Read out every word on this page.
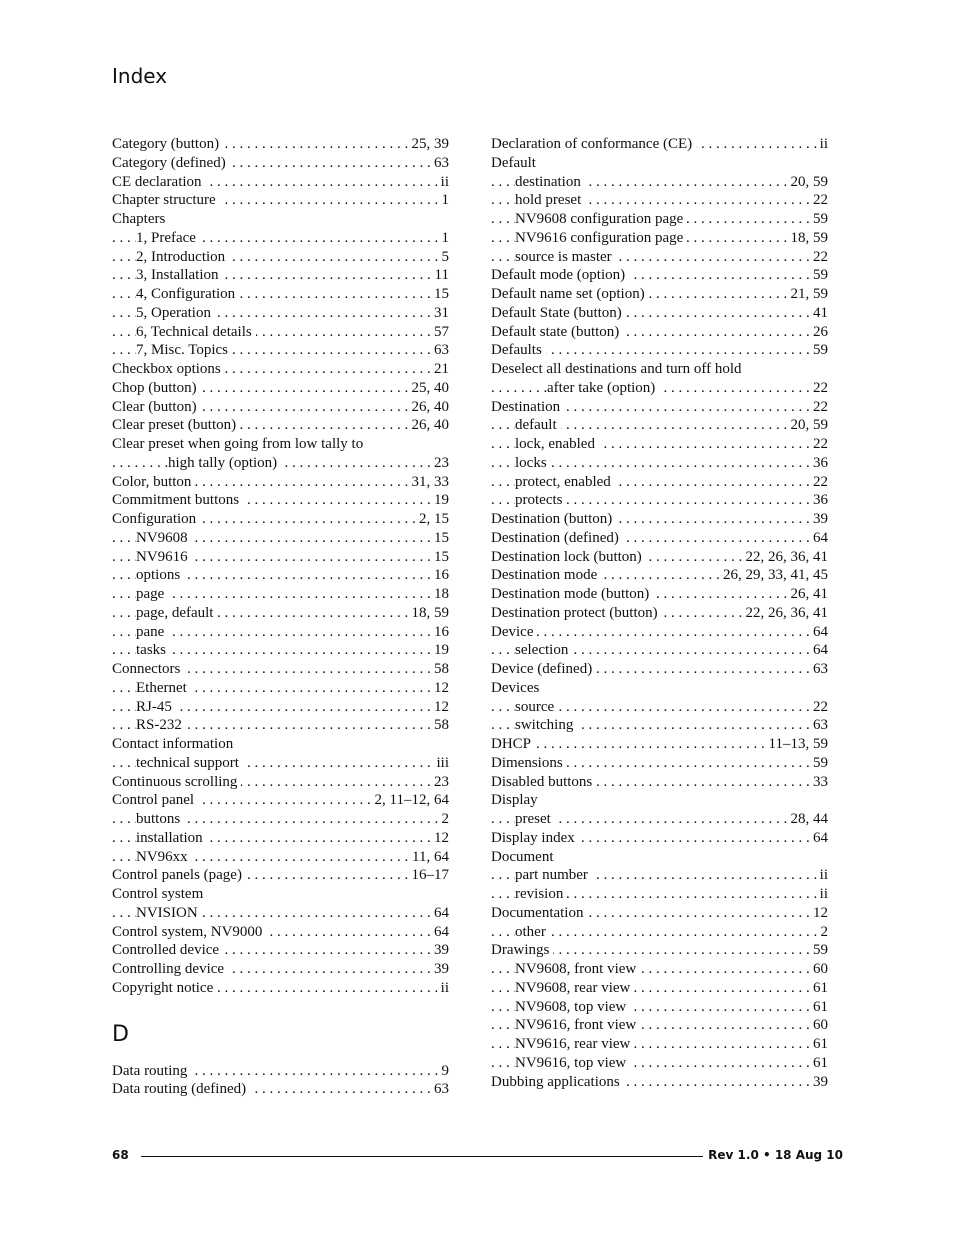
Index
. . . Category (button)	25, 39
. . . Category (defined)	63
. . . CE declaration	ii
. . . Chapter structure	1
Chapters
. . . 1, Preface	1
. . . 2, Introduction	5
. . . 3, Installation	11
. . . 4, Configuration	15
. . . 5, Operation	31
. . . 6, Technical details	57
. . . 7, Misc. Topics	63
. . . Checkbox options	21
. . . Chop (button)	25, 40
. . . Clear (button)	26, 40
. . . Clear preset (button)	26, 40
Clear preset when going from low tally to
. . . high tally (option)	23
. . . Color, button	31, 33
. . . Commitment buttons	19
. . . Configuration	2, 15
. . . NV9608	15
. . . NV9616	15
. . . options	16
. . . page	18
. . . page, default	18, 59
. . . pane	16
. . . tasks	19
. . . Connectors	58
. . . Ethernet	12
. . . RJ-45	12
. . . RS-232	58
Contact information
. . . technical support	iii
. . . Continuous scrolling	23
. . . Control panel	2, 11–12, 64
. . . buttons	2
. . . installation	12
. . . NV96xx	11, 64
. . . Control panels (page)	16–17
Control system
. . . NVISION	64
. . . Control system, NV9000	64
. . . Controlled device	39
. . . Controlling device	39
. . . Copyright notice	ii
D
. . . Data routing	9
. . . Data routing (defined)	63
. . . Declaration of conformance (CE)	ii
Default
. . . destination	20, 59
. . . hold preset	22
. . . NV9608 configuration page	59
. . . NV9616 configuration page	18, 59
. . . source is master	22
. . . Default mode (option)	59
. . . Default name set (option)	21, 59
. . . Default State (button)	41
. . . Default state (button)	26
. . . Defaults	59
Deselect all destinations and turn off hold
. . . after take (option)	22
. . . Destination	22
. . . default	20, 59
. . . lock, enabled	22
. . . locks	36
. . . protect, enabled	22
. . . protects	36
. . . Destination (button)	39
. . . Destination (defined)	64
. . . Destination lock (button)	22, 26, 36, 41
. . . Destination mode	26, 29, 33, 41, 45
. . . Destination mode (button)	26, 41
. . . Destination protect (button)	22, 26, 36, 41
. . . Device	64
. . . selection	64
. . . Device (defined)	63
Devices
. . . source	22
. . . switching	63
. . . DHCP	11–13, 59
. . . Dimensions	59
. . . Disabled buttons	33
Display
. . . preset	28, 44
. . . Display index	64
Document
. . . part number	ii
. . . revision	ii
. . . Documentation	12
. . . other	2
. . . Drawings	59
. . . NV9608, front view	60
. . . NV9608, rear view	61
. . . NV9608, top view	61
. . . NV9616, front view	60
. . . NV9616, rear view	61
. . . NV9616, top view	61
. . . Dubbing applications	39
68	Rev 1.0 • 18 Aug 10
